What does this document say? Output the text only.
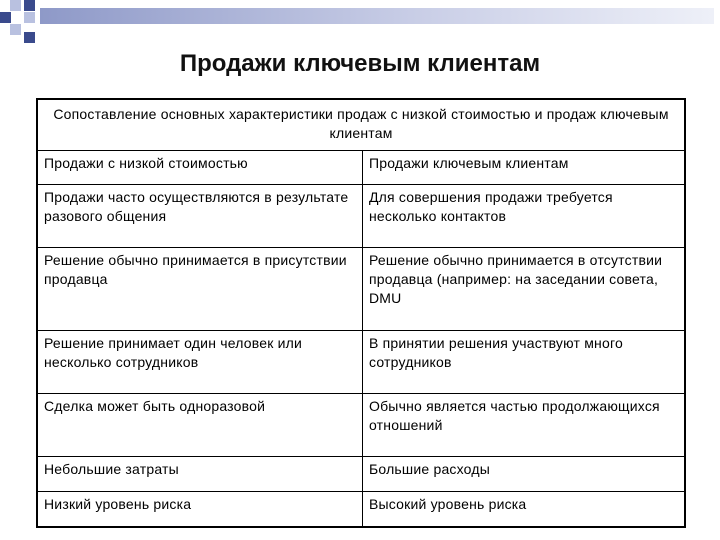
Продажи ключевым клиентам
Сопоставление основных характеристики продаж с низкой стоимостью и продаж ключевым клиентам	
Продажи с низкой стоимостью	Продажи ключевым клиентам
Продажи часто осуществляются в результате разового общения	Для совершения продажи требуется несколько контактов
Решение обычно принимается в присутствии продавца	Решение обычно принимается в отсутствии продавца (например: на заседании совета, DMU
Решение принимает один человек или несколько сотрудников	В принятии решения участвуют много сотрудников
Сделка может быть одноразовой	Обычно является частью продолжающихся отношений
Небольшие затраты	Большие расходы
Низкий уровень риска	Высокий уровень риска
